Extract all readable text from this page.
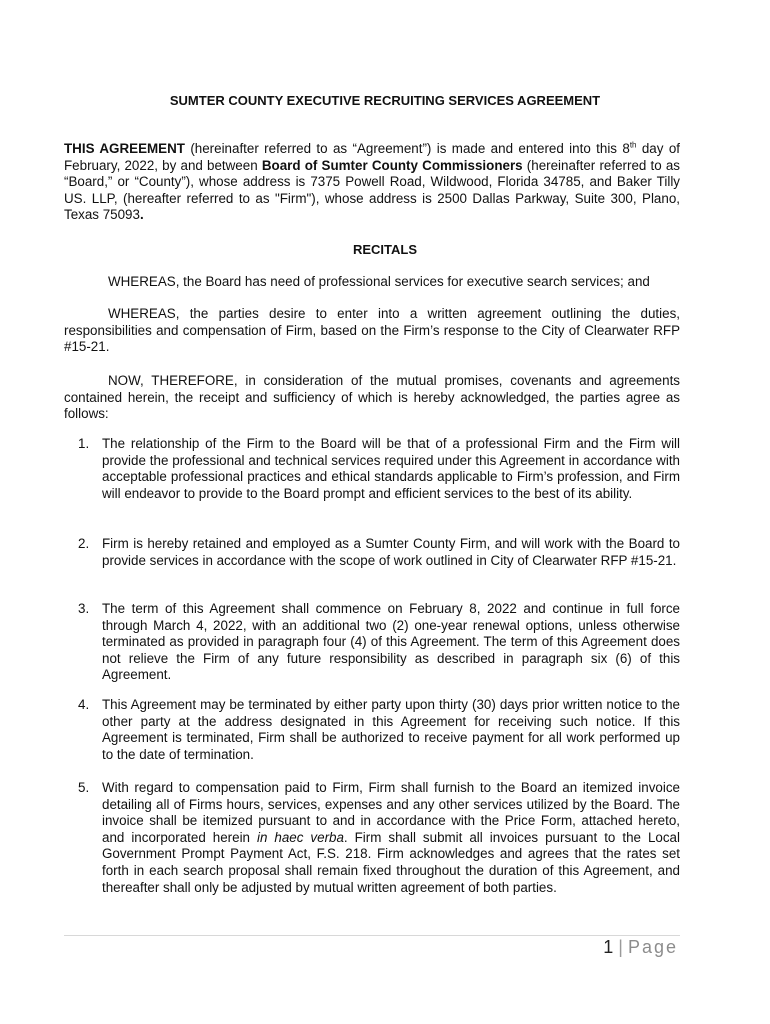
SUMTER COUNTY EXECUTIVE RECRUITING SERVICES AGREEMENT
THIS AGREEMENT (hereinafter referred to as “Agreement”) is made and entered into this 8th day of February, 2022, by and between Board of Sumter County Commissioners (hereinafter referred to as “Board,” or “County”), whose address is 7375 Powell Road, Wildwood, Florida 34785, and Baker Tilly US. LLP, (hereafter referred to as "Firm"), whose address is 2500 Dallas Parkway, Suite 300, Plano, Texas 75093.
RECITALS
WHEREAS, the Board has need of professional services for executive search services; and
WHEREAS, the parties desire to enter into a written agreement outlining the duties, responsibilities and compensation of Firm, based on the Firm’s response to the City of Clearwater RFP #15-21.
NOW, THEREFORE, in consideration of the mutual promises, covenants and agreements contained herein, the receipt and sufficiency of which is hereby acknowledged, the parties agree as follows:
1. The relationship of the Firm to the Board will be that of a professional Firm and the Firm will provide the professional and technical services required under this Agreement in accordance with acceptable professional practices and ethical standards applicable to Firm’s profession, and Firm will endeavor to provide to the Board prompt and efficient services to the best of its ability.
2. Firm is hereby retained and employed as a Sumter County Firm, and will work with the Board to provide services in accordance with the scope of work outlined in City of Clearwater RFP #15-21.
3. The term of this Agreement shall commence on February 8, 2022 and continue in full force through March 4, 2022, with an additional two (2) one-year renewal options, unless otherwise terminated as provided in paragraph four (4) of this Agreement. The term of this Agreement does not relieve the Firm of any future responsibility as described in paragraph six (6) of this Agreement.
4. This Agreement may be terminated by either party upon thirty (30) days prior written notice to the other party at the address designated in this Agreement for receiving such notice. If this Agreement is terminated, Firm shall be authorized to receive payment for all work performed up to the date of termination.
5. With regard to compensation paid to Firm, Firm shall furnish to the Board an itemized invoice detailing all of Firms hours, services, expenses and any other services utilized by the Board. The invoice shall be itemized pursuant to and in accordance with the Price Form, attached hereto, and incorporated herein in haec verba. Firm shall submit all invoices pursuant to the Local Government Prompt Payment Act, F.S. 218. Firm acknowledges and agrees that the rates set forth in each search proposal shall remain fixed throughout the duration of this Agreement, and thereafter shall only be adjusted by mutual written agreement of both parties.
1 | Page
